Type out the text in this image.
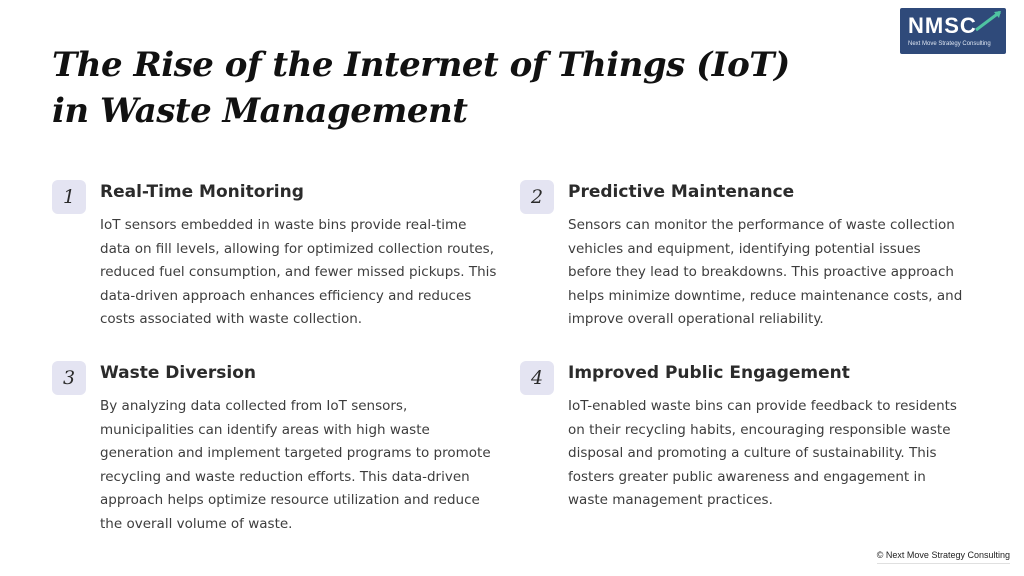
The Rise of the Internet of Things (IoT) in Waste Management
NMSC
Next Move Strategy Consulting
1	Real-Time Monitoring

IoT sensors embedded in waste bins provide real-time data on fill levels, allowing for optimized collection routes, reduced fuel consumption, and fewer missed pickups. This data-driven approach enhances efficiency and reduces costs associated with waste collection.

2	Predictive Maintenance

Sensors can monitor the performance of waste collection vehicles and equipment, identifying potential issues before they lead to breakdowns. This proactive approach helps minimize downtime, reduce maintenance costs, and improve overall operational reliability.

3	Waste Diversion

By analyzing data collected from IoT sensors, municipalities can identify areas with high waste generation and implement targeted programs to promote recycling and waste reduction efforts. This data-driven approach helps optimize resource utilization and reduce the overall volume of waste.

4	Improved Public Engagement

IoT-enabled waste bins can provide feedback to residents on their recycling habits, encouraging responsible waste disposal and promoting a culture of sustainability. This fosters greater public awareness and engagement in waste management practices.

© Next Move Strategy Consulting
